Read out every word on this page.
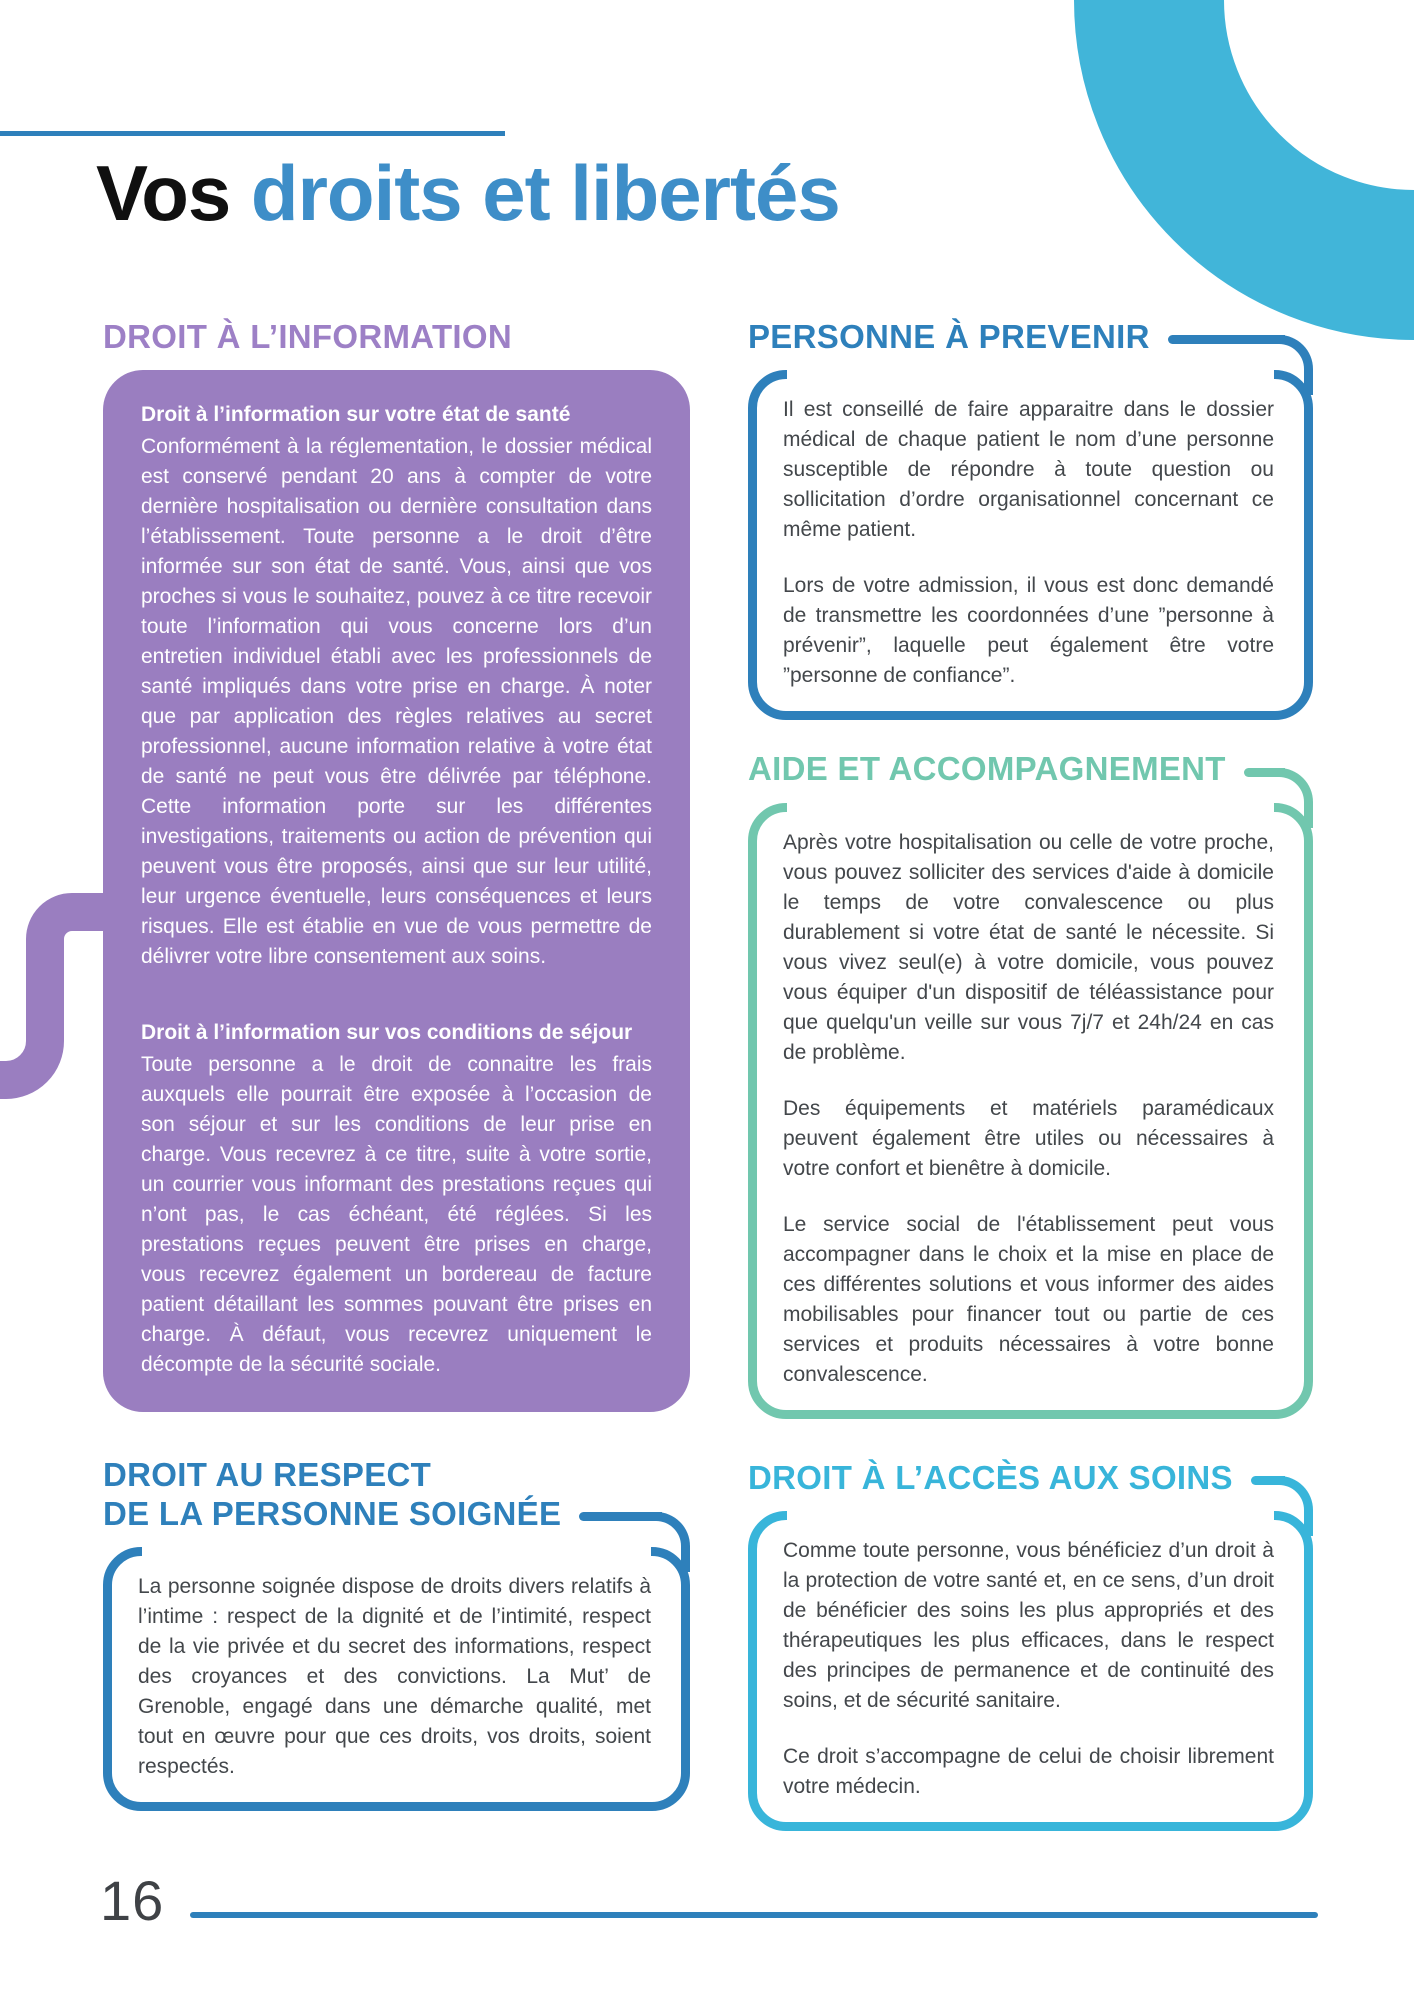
Vos droits et libertés
DROIT À L’INFORMATION

Droit à l’information sur votre état de santé

Conformément à la réglementation, le dossier médical est conservé pendant 20 ans à compter de votre dernière hospitalisation ou dernière consultation dans l’établissement. Toute personne a le droit d’être informée sur son état de santé. Vous, ainsi que vos proches si vous le souhaitez, pouvez à ce titre recevoir toute l’information qui vous concerne lors d’un entretien individuel établi avec les professionnels de santé impliqués dans votre prise en charge. À noter que par application des règles relatives au secret professionnel, aucune information relative à votre état de santé ne peut vous être délivrée par téléphone. Cette information porte sur les différentes investigations, traitements ou action de prévention qui peuvent vous être proposés, ainsi que sur leur utilité, leur urgence éventuelle, leurs conséquences et leurs risques. Elle est établie en vue de vous permettre de délivrer votre libre consentement aux soins.

Droit à l’information sur vos conditions de séjour

Toute personne a le droit de connaitre les frais auxquels elle pourrait être exposée à l’occasion de son séjour et sur les conditions de leur prise en charge. Vous recevrez à ce titre, suite à votre sortie, un courrier vous informant des prestations reçues qui n’ont pas, le cas échéant, été réglées. Si les prestations reçues peuvent être prises en charge, vous recevrez également un bordereau de facture patient détaillant les sommes pouvant être prises en charge. À défaut, vous recevrez uniquement le décompte de la sécurité sociale.

DROIT AU RESPECT
DE LA PERSONNE SOIGNÉE

La personne soignée dispose de droits divers relatifs à l’intime : respect de la dignité et de l’intimité, respect de la vie privée et du secret des informations, respect des croyances et des convictions. La Mut’ de Grenoble, engagé dans une démarche qualité, met tout en œuvre pour que ces droits, vos droits, soient respectés.

PERSONNE À PREVENIR

Il est conseillé de faire apparaitre dans le dossier médical de chaque patient le nom d’une personne susceptible de répondre à toute question ou sollicitation d’ordre organisationnel concernant ce même patient.

Lors de votre admission, il vous est donc demandé de transmettre les coordonnées d’une ”personne à prévenir”, laquelle peut également être votre ”personne de confiance”.

AIDE ET ACCOMPAGNEMENT

Après votre hospitalisation ou celle de votre proche, vous pouvez solliciter des services d'aide à domicile le temps de votre convalescence ou plus durablement si votre état de santé le nécessite. Si vous vivez seul(e) à votre domicile, vous pouvez vous équiper d'un dispositif de téléassistance pour que quelqu'un veille sur vous 7j/7 et 24h/24 en cas de problème.

Des équipements et matériels paramédicaux peuvent également être utiles ou nécessaires à votre confort et bienêtre à domicile.

Le service social de l'établissement peut vous accompagner dans le choix et la mise en place de ces différentes solutions et vous informer des aides mobilisables pour financer tout ou partie de ces services et produits nécessaires à votre bonne convalescence.

DROIT À L’ACCÈS AUX SOINS

Comme toute personne, vous bénéficiez d’un droit à la protection de votre santé et, en ce sens, d’un droit de bénéficier des soins les plus appropriés et des thérapeutiques les plus efficaces, dans le respect des principes de permanence et de continuité des soins, et de sécurité sanitaire.

Ce droit s’accompagne de celui de choisir librement votre médecin.

16
